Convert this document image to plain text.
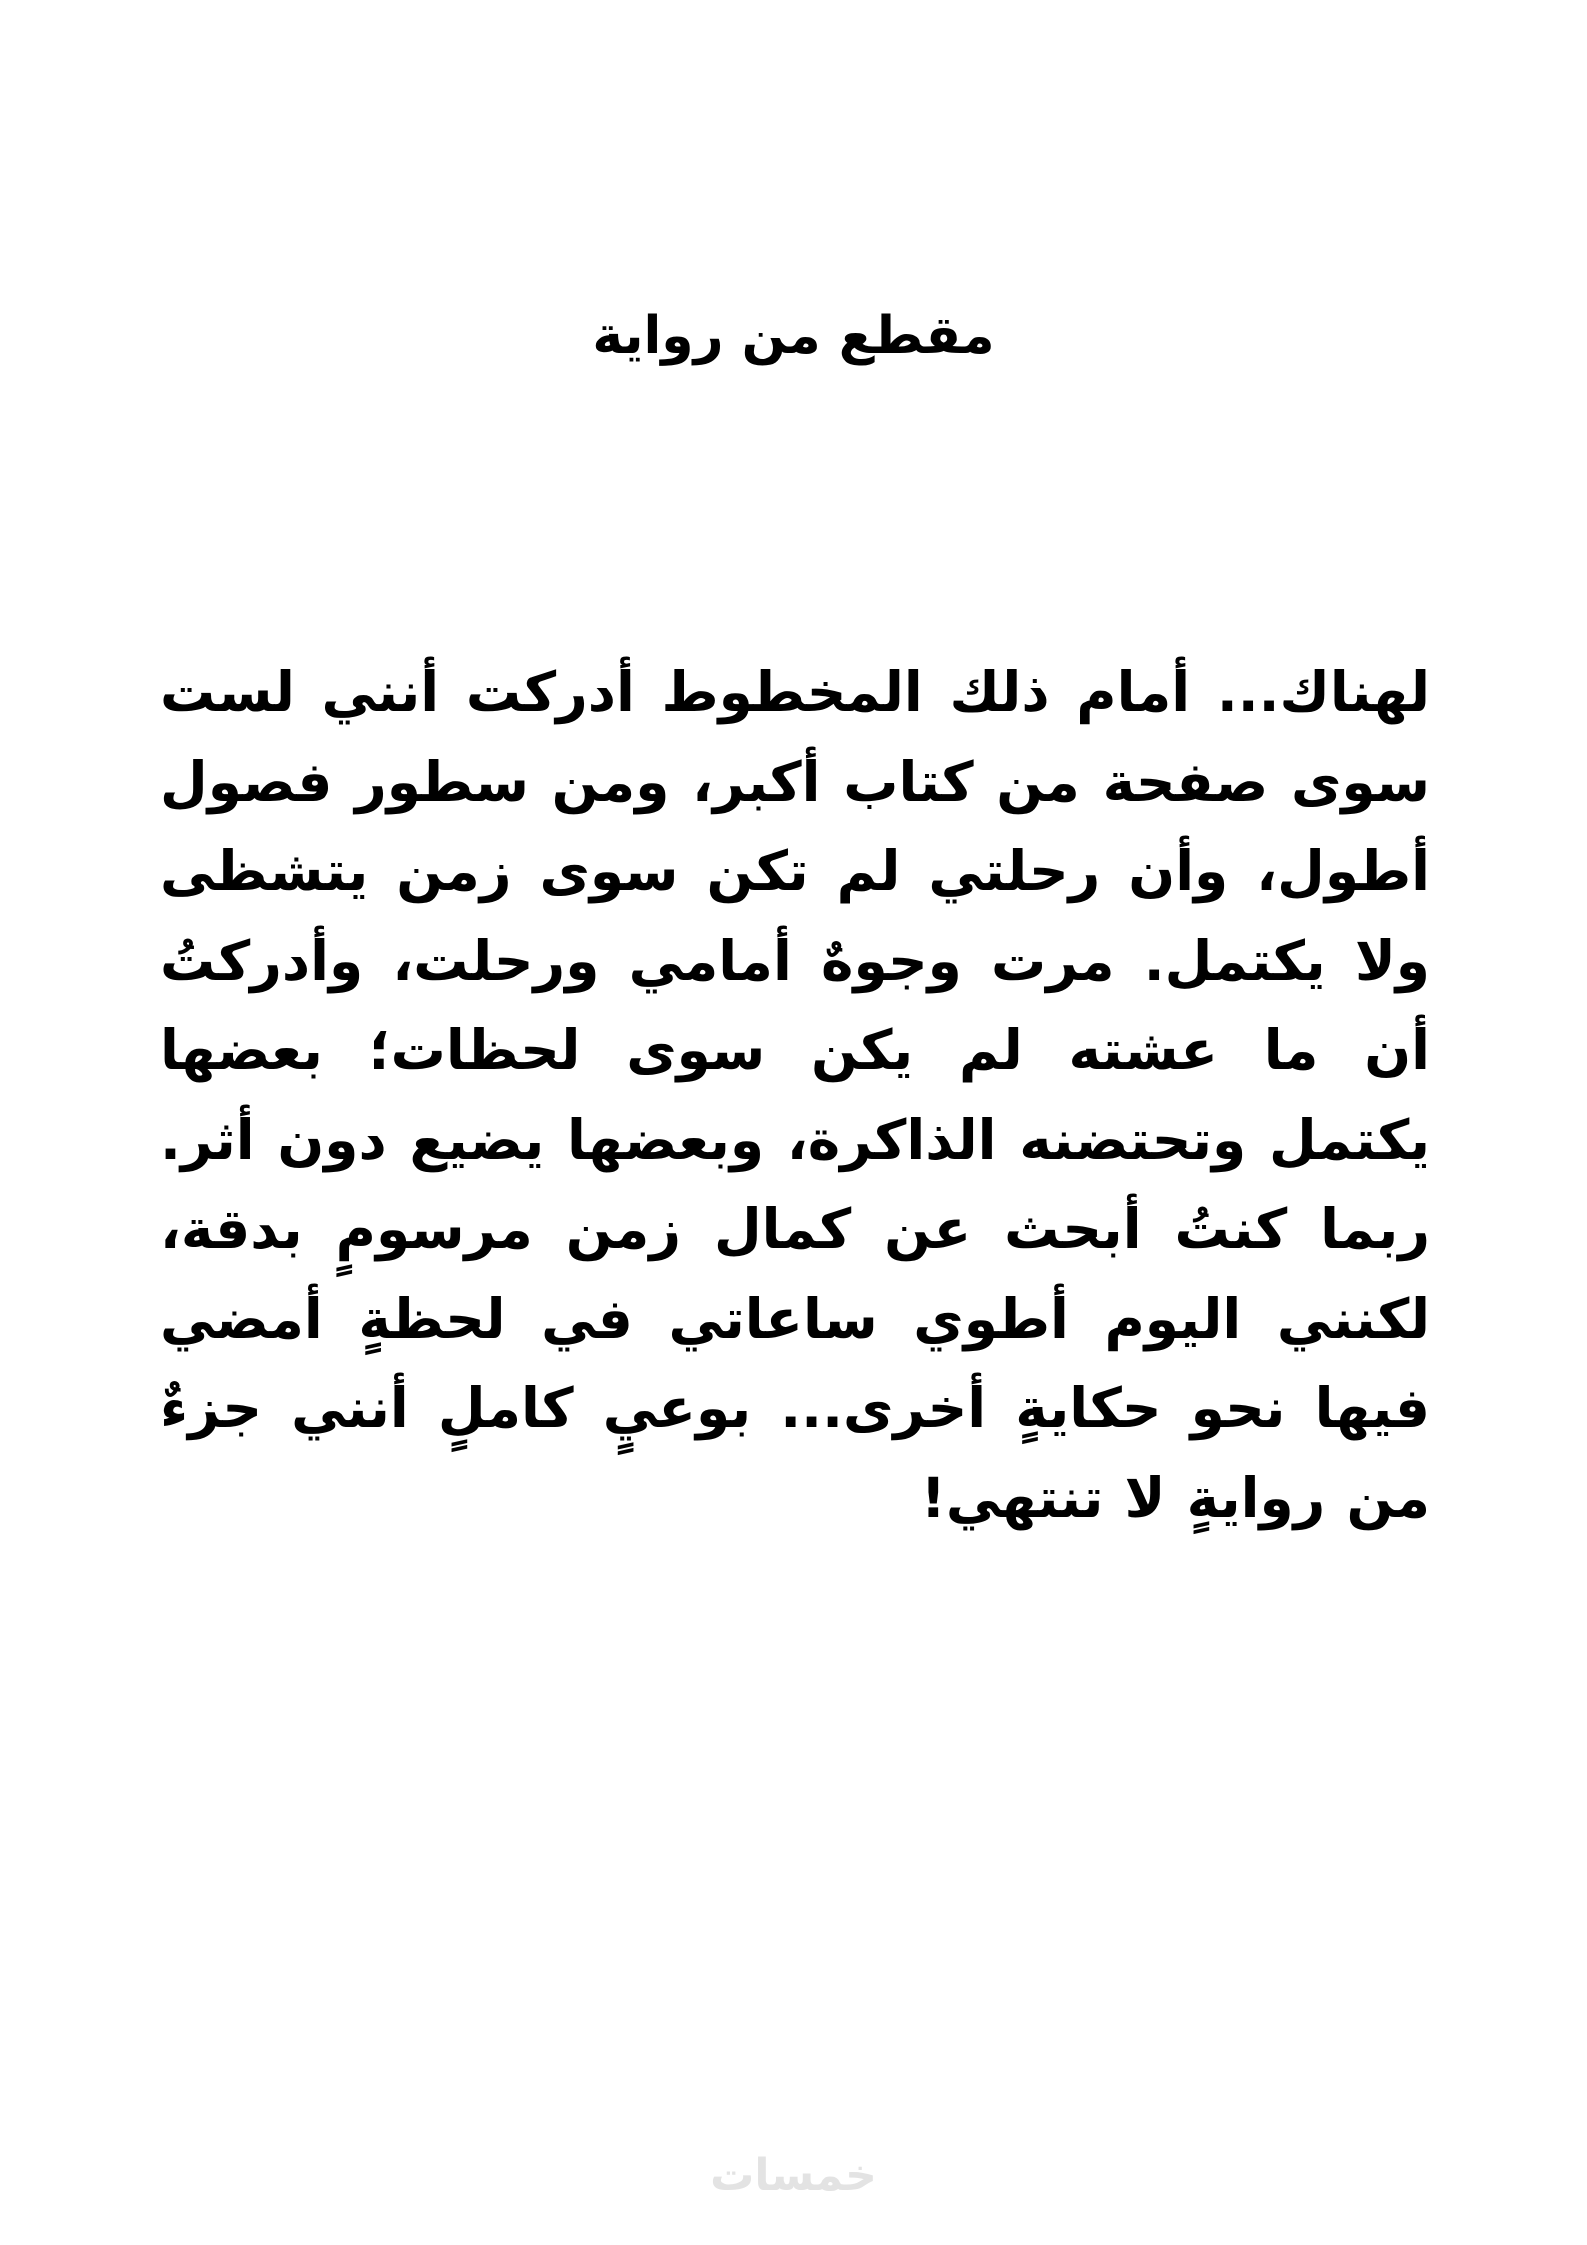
مقطع من رواية

لهناك... أمام ذلك المخطوط أدركت أنني لست سوى صفحة من كتاب أكبر، ومن سطور فصول أطول، وأن رحلتي لم تكن سوى زمن يتشظى ولا يكتمل. مرت وجوهٌ أمامي ورحلت، وأدركتُ أن ما عشته لم يكن سوى لحظات؛ بعضها يكتمل وتحتضنه الذاكرة، وبعضها يضيع دون أثر. ربما كنتُ أبحث عن كمال زمن مرسومٍ بدقة، لكنني اليوم أطوي ساعاتي في لحظةٍ أمضي فيها نحو حكايةٍ أخرى... بوعيٍ كاملٍ أنني جزءٌ من روايةٍ لا تنتهي!

خمسات
